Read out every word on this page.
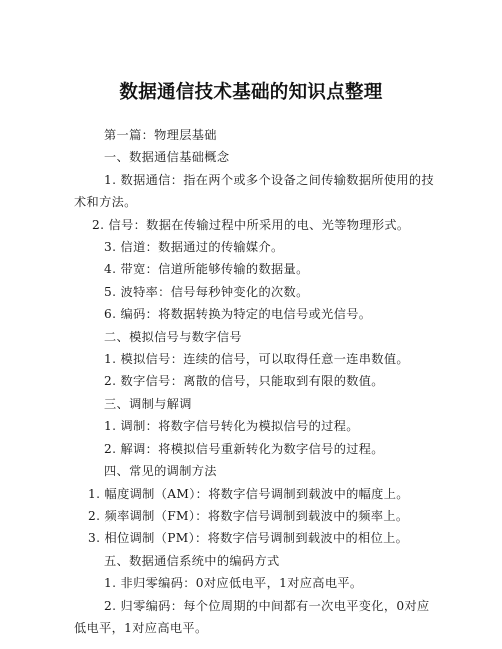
数据通信技术基础的知识点整理

第一篇：物理层基础

一、数据通信基础概念

1. 数据通信：指在两个或多个设备之间传输数据所使用的技术和方法。

2. 信号：数据在传输过程中所采用的电、光等物理形式。

3. 信道：数据通过的传输媒介。

4. 带宽：信道所能够传输的数据量。

5. 波特率：信号每秒钟变化的次数。

6. 编码：将数据转换为特定的电信号或光信号。

二、模拟信号与数字信号

1. 模拟信号：连续的信号，可以取得任意一连串数值。

2. 数字信号：离散的信号，只能取到有限的数值。

三、调制与解调

1. 调制：将数字信号转化为模拟信号的过程。

2. 解调：将模拟信号重新转化为数字信号的过程。

四、常见的调制方法

1. 幅度调制（AM）：将数字信号调制到载波中的幅度上。

2. 频率调制（FM）：将数字信号调制到载波中的频率上。

3. 相位调制（PM）：将数字信号调制到载波中的相位上。

五、数据通信系统中的编码方式

1. 非归零编码：0对应低电平，1对应高电平。

2. 归零编码：每个位周期的中间都有一次电平变化，0对应低电平，1对应高电平。
